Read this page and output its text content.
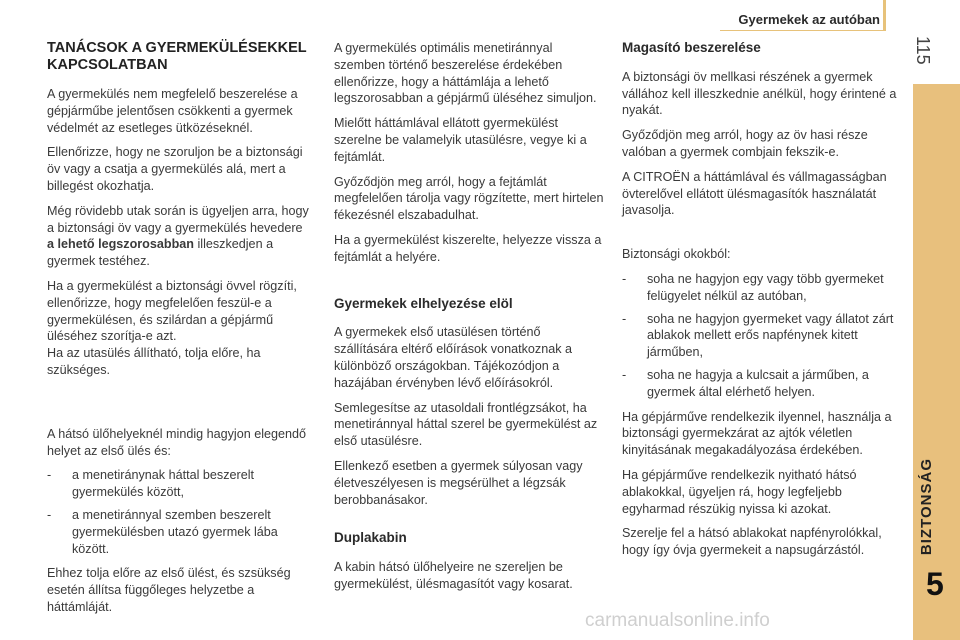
Gyermekek az autóban
115
BIZTONSÁG
5
TANÁCSOK A GYERMEKÜLÉSEKKEL KAPCSOLATBAN

A gyermekülés nem megfelelő beszerelése a gépjárműbe jelentősen csökkenti a gyermek védelmét az esetleges ütközéseknél.

Ellenőrizze, hogy ne szoruljon be a biztonsági öv vagy a csatja a gyermekülés alá, mert a billegést okozhatja.

Még rövidebb utak során is ügyeljen arra, hogy a biztonsági öv vagy a gyermekülés hevedere a lehető legszorosabban illeszkedjen a gyermek testéhez.

Ha a gyermekülést a biztonsági övvel rögzíti, ellenőrizze, hogy megfelelően feszül-e a gyermekülésen, és szilárdan a gépjármű üléséhez szorítja-e azt.

Ha az utasülés állítható, tolja előre, ha szükséges.

A hátsó ülőhelyeknél mindig hagyjon elegendő helyet az első ülés és:

- a menetiránynak háttal beszerelt gyermekülés között,
- a menetiránnyal szemben beszerelt gyermekülésben utazó gyermek lába között.

Ehhez tolja előre az első ülést, és szsükség esetén állítsa függőleges helyzetbe a háttámláját.

A gyermekülés optimális menetiránnyal szemben történő beszerelése érdekében ellenőrizze, hogy a háttámlája a lehető legszorosabban a gépjármű üléséhez simuljon.

Mielőtt háttámlával ellátott gyermekülést szerelne be valamelyik utasülésre, vegye ki a fejtámlát.

Győződjön meg arról, hogy a fejtámlát megfelelően tárolja vagy rögzítette, mert hirtelen fékezésnél elszabadulhat.

Ha a gyermekülést kiszerelte, helyezze vissza a fejtámlát a helyére.

Gyermekek elhelyezése elöl

A gyermekek első utasülésen történő szállítására eltérő előírások vonatkoznak a különböző országokban. Tájékozódjon a hazájában érvényben lévő előírásokról.

Semlegesítse az utasoldali frontlégzsákot, ha menetiránnyal háttal szerel be gyermekülést az első utasülésre.

Ellenkező esetben a gyermek súlyosan vagy életveszélyesen is megsérülhet a légzsák berobbanásakor.

Duplakabin

A kabin hátsó ülőhelyeire ne szereljen be gyermekülést, ülésmagasítót vagy kosarat.

Magasító beszerelése

A biztonsági öv mellkasi részének a gyermek vállához kell illeszkednie anélkül, hogy érintené a nyakát.

Győződjön meg arról, hogy az öv hasi része valóban a gyermek combjain fekszik-e.

A CITROËN a háttámlával és vállmagasságban övterelővel ellátott ülésmagasítók használatát javasolja.

Biztonsági okokból:

- soha ne hagyjon egy vagy több gyermeket felügyelet nélkül az autóban,
- soha ne hagyjon gyermeket vagy állatot zárt ablakok mellett erős napfénynek kitett járműben,
- soha ne hagyja a kulcsait a járműben, a gyermek által elérhető helyen.

Ha gépjárműve rendelkezik ilyennel, használja a biztonsági gyermekzárat az ajtók véletlen kinyitásának megakadályozása érdekében.

Ha gépjárműve rendelkezik nyitható hátsó ablakokkal, ügyeljen rá, hogy legfeljebb egyharmad részükig nyissa ki azokat.

Szerelje fel a hátsó ablakokat napfényrolókkal, hogy így óvja gyermekeit a napsugárzástól.

carmanualsonline.info
